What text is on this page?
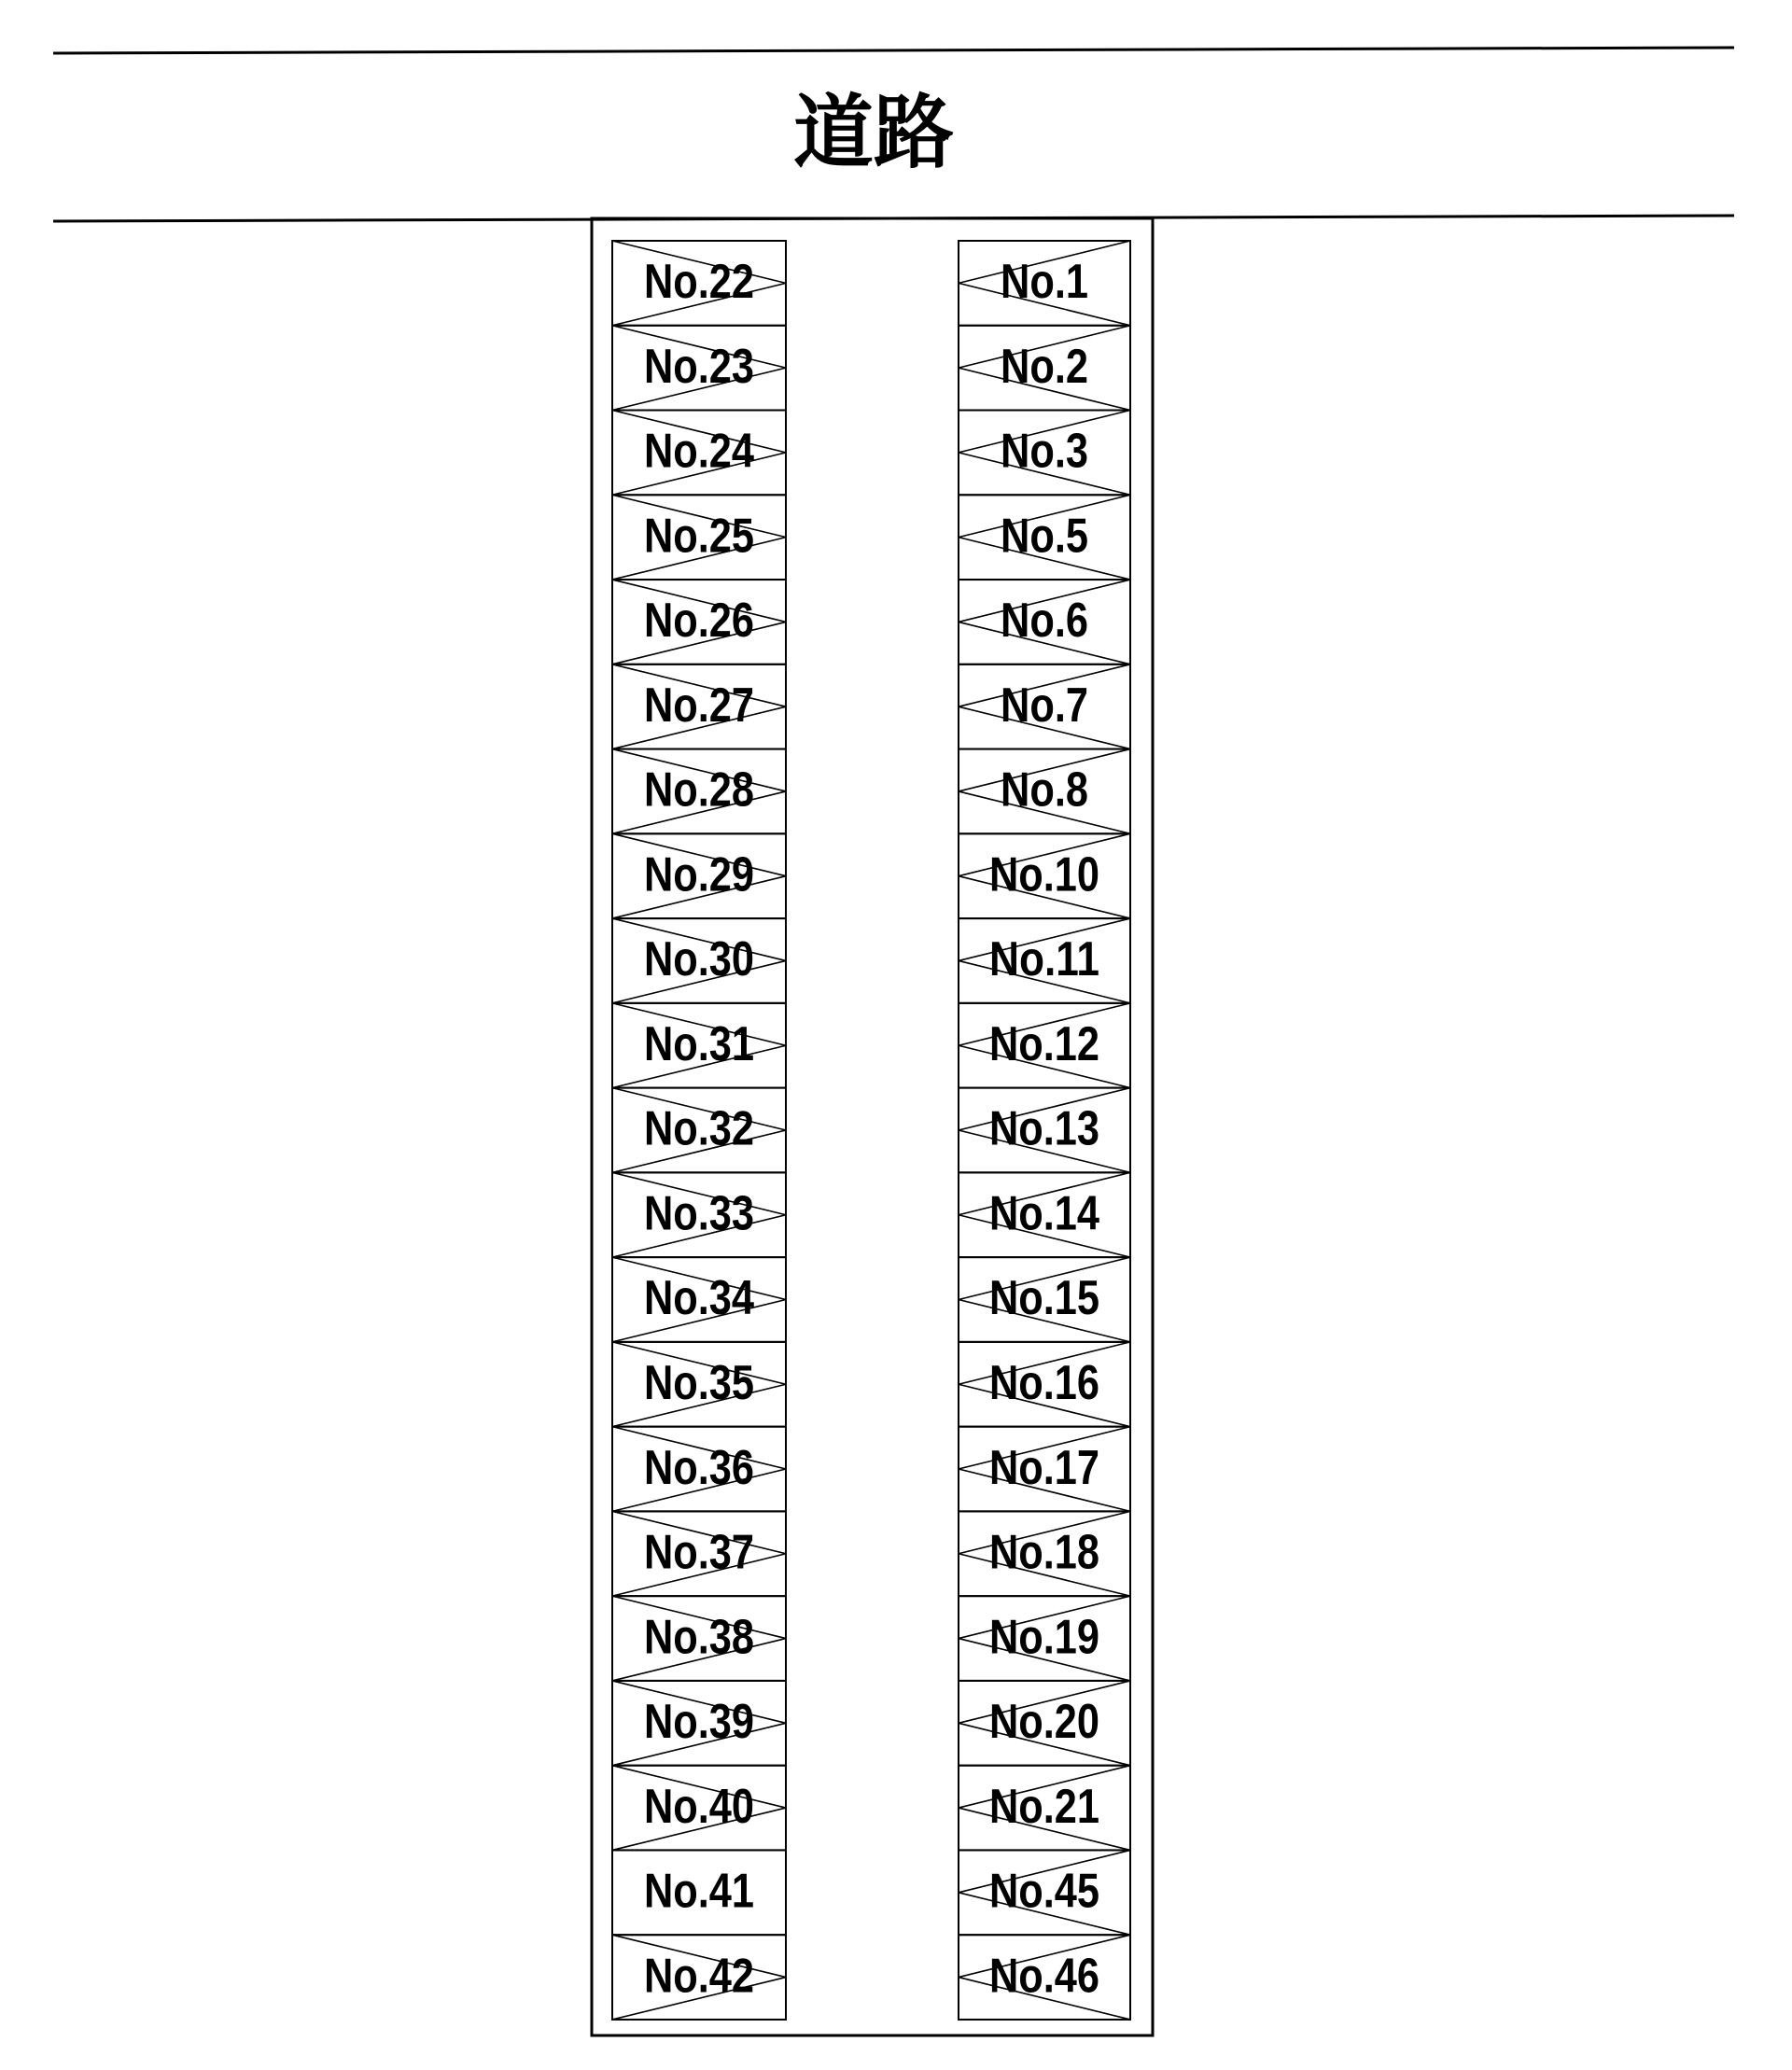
道路
No.22
No.23
No.24
No.25
No.26
No.27
No.28
No.29
No.30
No.31
No.32
No.33
No.34
No.35
No.36
No.37
No.38
No.39
No.40
No.41
No.42
No.1
No.2
No.3
No.5
No.6
No.7
No.8
No.10
No.11
No.12
No.13
No.14
No.15
No.16
No.17
No.18
No.19
No.20
No.21
No.45
No.46
